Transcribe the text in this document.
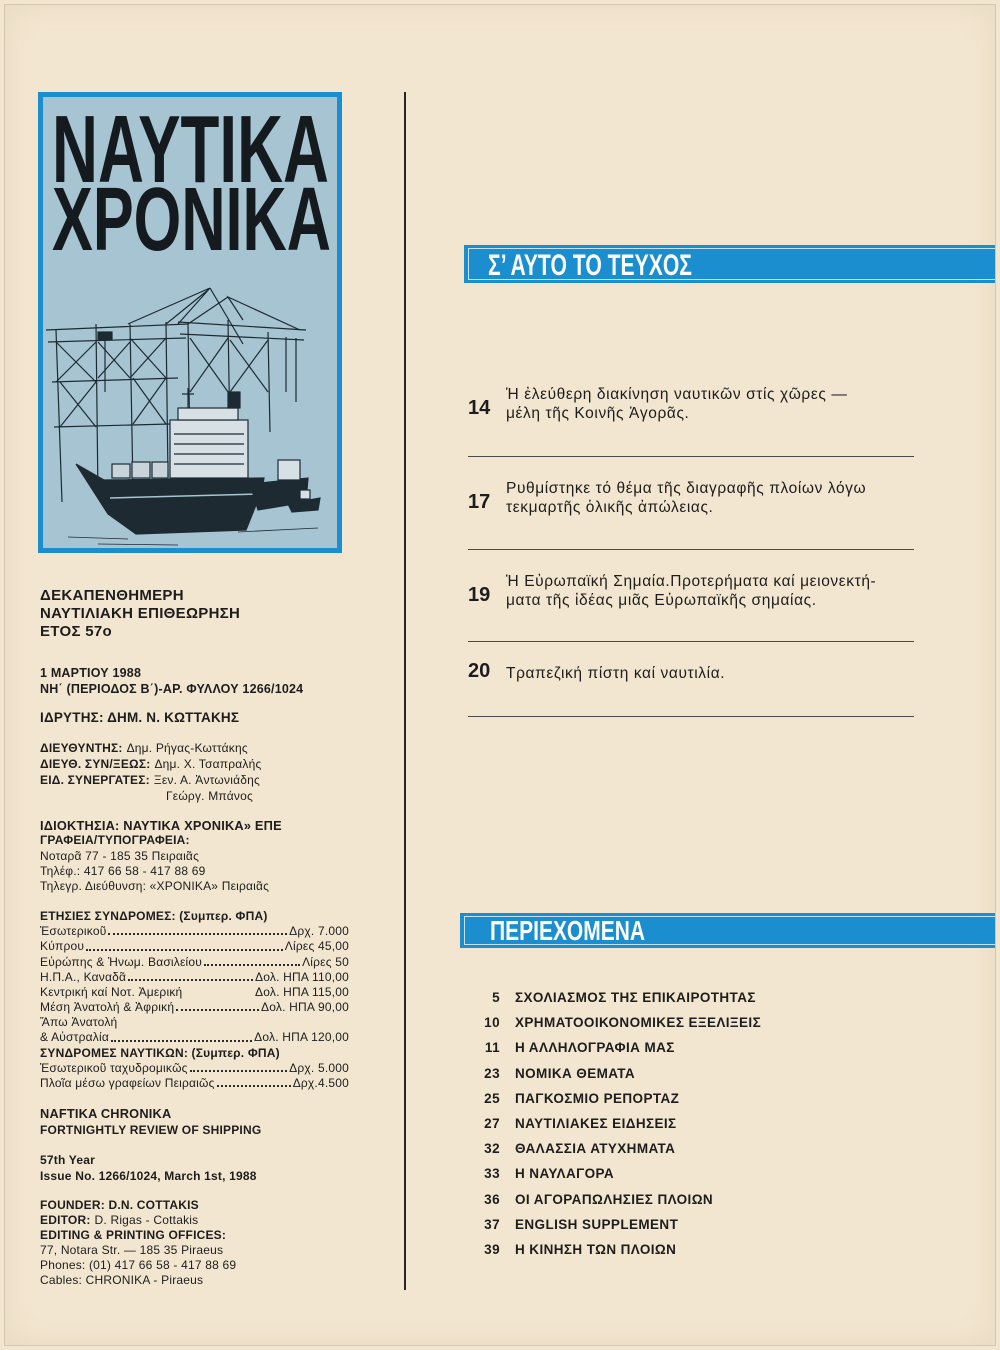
ΝΑΥΤΙΚΑ
ΧΡΟΝΙΚΑ
ΔΕΚΑΠΕΝΘΗΜΕΡΗ
ΝΑΥΤΙΛΙΑΚΗ ΕΠΙΘΕΩΡΗΣΗ
ΕΤΟΣ 57ο
1 ΜΑΡΤΙΟΥ 1988
ΝΗ΄ (ΠΕΡΙΟΔΟΣ Β΄)-ΑΡ. ΦΥΛΛΟΥ 1266/1024
ΙΔΡΥΤΗΣ: ΔΗΜ. Ν. ΚΩΤΤΑΚΗΣ
ΔΙΕΥΘΥΝΤΗΣ: Δημ. Ρήγας-Κωττάκης
ΔΙΕΥΘ. ΣΥΝ/ΞΕΩΣ: Δημ. Χ. Τσαπραλής
ΕΙΔ. ΣΥΝΕΡΓΑΤΕΣ: Ξεν. Α. Ἀντωνιάδης
Γεώργ. Μπάνος
ΙΔΙΟΚΤΗΣΙΑ: ΝΑΥΤΙΚΑ ΧΡΟΝΙΚΑ» ΕΠΕ
ΓΡΑΦΕΙΑ/ΤΥΠΟΓΡΑΦΕΙΑ:
Νοταρᾶ 77 - 185 35 Πειραιᾶς
Τηλέφ.: 417 66 58 - 417 88 69
Τηλεγρ. Διεύθυνση: «ΧΡΟΝΙΚΑ» Πειραιᾶς
ΕΤΗΣΙΕΣ ΣΥΝΔΡΟΜΕΣ: (Συμπερ. ΦΠΑ)
Ἐσωτερικοῦ	Δρχ. 7.000
Κύπρου	Λίρες 45,00
Εὐρώπης & Ἠνωμ. Βασιλείου	Λίρες 50
Η.Π.Α., Καναδᾶ	Δολ. ΗΠΑ 110,00
Κεντρική καί Νοτ. Ἀμερική	Δολ. ΗΠΑ 115,00
Μέση Ἀνατολή & Ἀφρική	Δολ. ΗΠΑ 90,00
Ἄπω Ἀνατολή
& Αὐστραλία	Δολ. ΗΠΑ 120,00
ΣΥΝΔΡΟΜΕΣ ΝΑΥΤΙΚΩΝ: (Συμπερ. ΦΠΑ)
Ἐσωτερικοῦ ταχυδρομικῶς	Δρχ. 5.000
Πλοῖα μέσω γραφείων Πειραιῶς	Δρχ.4.500
NAFTIKA CHRONIKA
FORTNIGHTLY REVIEW OF SHIPPING
57th Year
Issue No. 1266/1024, March 1st, 1988
FOUNDER: D.N. COTTAKIS
EDITOR: D. Rigas - Cottakis
EDITING & PRINTING OFFICES:
77, Notara Str. — 185 35 Piraeus
Phones: (01) 417 66 58 - 417 88 69
Cables: CHRONIKA - Piraeus
Σ’ ΑΥΤΟ ΤΟ ΤΕΥΧΟΣ
14
Ἡ ἐλεύθερη διακίνηση ναυτικῶν στίς χῶρες —
μέλη τῆς Κοινῆς Ἀγορᾶς.
17
Ρυθμίστηκε τό θέμα τῆς διαγραφῆς πλοίων λόγω
τεκμαρτῆς ὁλικῆς ἀπώλειας.
19
Ἡ Εὐρωπαϊκή Σημαία.Προτερήματα καί μειονεκτή-
ματα τῆς ἰδέας μιᾶς Εὐρωπαϊκῆς σημαίας.
20 Τραπεζική πίστη καί ναυτιλία.
ΠΕΡΙΕΧΟΜΕΝΑ
5 ΣΧΟΛΙΑΣΜΟΣ ΤΗΣ ΕΠΙΚΑΙΡΟΤΗΤΑΣ
10 ΧΡΗΜΑΤΟΟΙΚΟΝΟΜΙΚΕΣ ΕΞΕΛΙΞΕΙΣ
11 Η ΑΛΛΗΛΟΓΡΑΦΙΑ ΜΑΣ
23 ΝΟΜΙΚΑ ΘΕΜΑΤΑ
25 ΠΑΓΚΟΣΜΙΟ ΡΕΠΟΡΤΑΖ
27 ΝΑΥΤΙΛΙΑΚΕΣ ΕΙΔΗΣΕΙΣ
32 ΘΑΛΑΣΣΙΑ ΑΤΥΧΗΜΑΤΑ
33 Η ΝΑΥΛΑΓΟΡΑ
36 ΟΙ ΑΓΟΡΑΠΩΛΗΣΙΕΣ ΠΛΟΙΩΝ
37 ENGLISH SUPPLEMENT
39 Η ΚΙΝΗΣΗ ΤΩΝ ΠΛΟΙΩΝ
